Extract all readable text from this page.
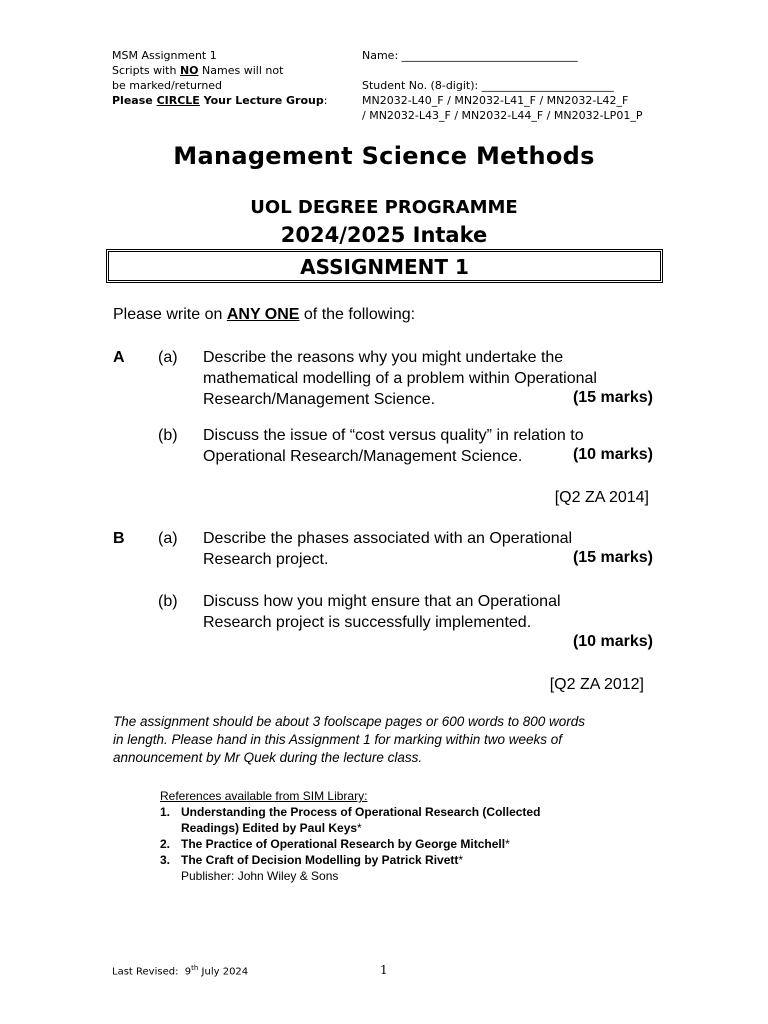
MSM Assignment 1
Scripts with NO Names will not
be marked/returned
Please CIRCLE Your Lecture Group:
Name: ________________________________
Student No. (8-digit): ________________________
MN2032-L40_F / MN2032-L41_F / MN2032-L42_F
/ MN2032-L43_F / MN2032-L44_F / MN2032-LP01_P
Management Science Methods
UOL DEGREE PROGRAMME
2024/2025 Intake
ASSIGNMENT 1
Please write on ANY ONE of the following:
A (a) Describe the reasons why you might undertake the
mathematical modelling of a problem within Operational
Research/Management Science.	(15 marks)
(b) Discuss the issue of “cost versus quality” in relation to
Operational Research/Management Science.	(10 marks)
[Q2 ZA 2014]
B (a) Describe the phases associated with an Operational
Research project.	(15 marks)
(b) Discuss how you might ensure that an Operational
Research project is successfully implemented.
(10 marks)
[Q2 ZA 2012]
The assignment should be about 3 foolscape pages or 600 words to 800 words
in length. Please hand in this Assignment 1 for marking within two weeks of
announcement by Mr Quek during the lecture class.
References available from SIM Library:
1. Understanding the Process of Operational Research (Collected
Readings) Edited by Paul Keys*
2. The Practice of Operational Research by George Mitchell*
3. The Craft of Decision Modelling by Patrick Rivett*
Publisher: John Wiley & Sons
Last Revised: 9th July 2024	1
